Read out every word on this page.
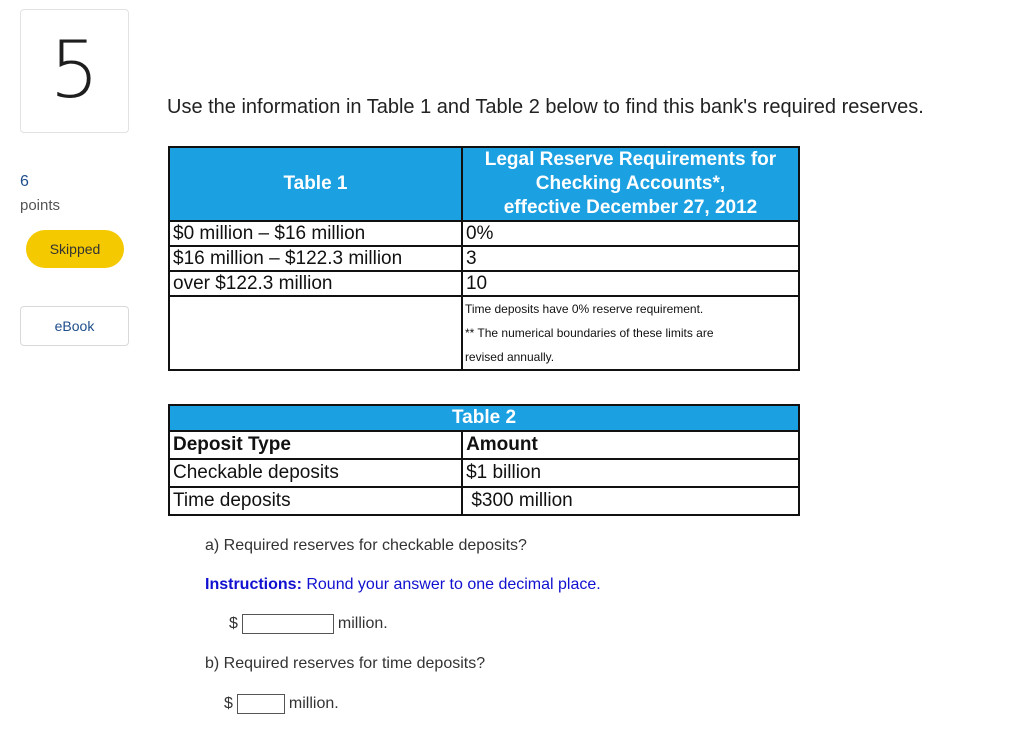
5
6
points
Skipped
eBook
Use the information in Table 1 and Table 2 below to find this bank's required reserves.
Table 1	Legal Reserve Requirements for
Checking Accounts*,
effective December 27, 2012

$0 million – $16 million	0%
$16 million – $122.3 million	3
over $122.3 million	10

	Time deposits have 0% reserve requirement.
** The numerical boundaries of these limits are
revised annually.
Table 2	
Deposit Type	Amount
Checkable deposits	$1 billion
Time deposits	$300 million
a) Required reserves for checkable deposits?
Instructions: Round your answer to one decimal place.
$	million.
b) Required reserves for time deposits?
$	million.
